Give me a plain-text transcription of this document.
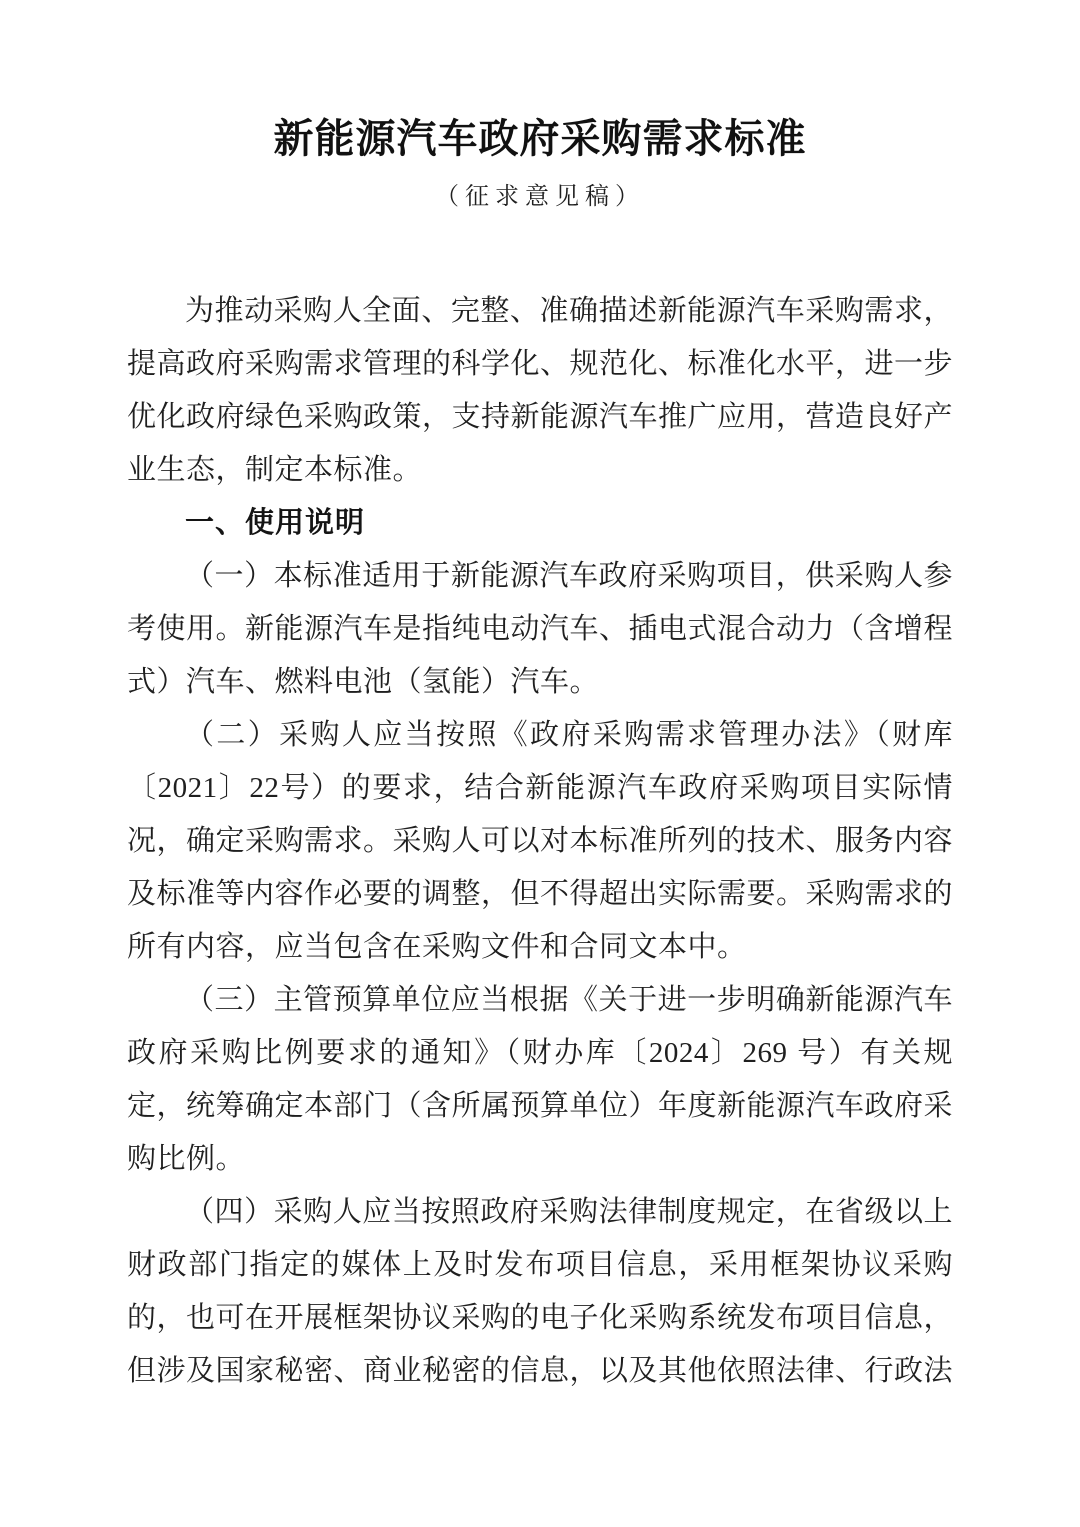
新能源汽车政府采购需求标准
（征求意见稿）

为推动采购人全面、完整、准确描述新能源汽车采购需求，提高政府采购需求管理的科学化、规范化、标准化水平，进一步优化政府绿色采购政策，支持新能源汽车推广应用，营造良好产业生态，制定本标准。

一、使用说明

（一）本标准适用于新能源汽车政府采购项目，供采购人参考使用。新能源汽车是指纯电动汽车、插电式混合动力（含增程式）汽车、燃料电池（氢能）汽车。

（二）采购人应当按照《政府采购需求管理办法》（财库〔2021〕22号）的要求，结合新能源汽车政府采购项目实际情况，确定采购需求。采购人可以对本标准所列的技术、服务内容及标准等内容作必要的调整，但不得超出实际需要。采购需求的所有内容，应当包含在采购文件和合同文本中。

（三）主管预算单位应当根据《关于进一步明确新能源汽车政府采购比例要求的通知》（财办库〔2024〕269 号）有关规定，统筹确定本部门（含所属预算单位）年度新能源汽车政府采购比例。

（四）采购人应当按照政府采购法律制度规定，在省级以上财政部门指定的媒体上及时发布项目信息，采用框架协议采购的，也可在开展框架协议采购的电子化采购系统发布项目信息，但涉及国家秘密、商业秘密的信息，以及其他依照法律、行政法
